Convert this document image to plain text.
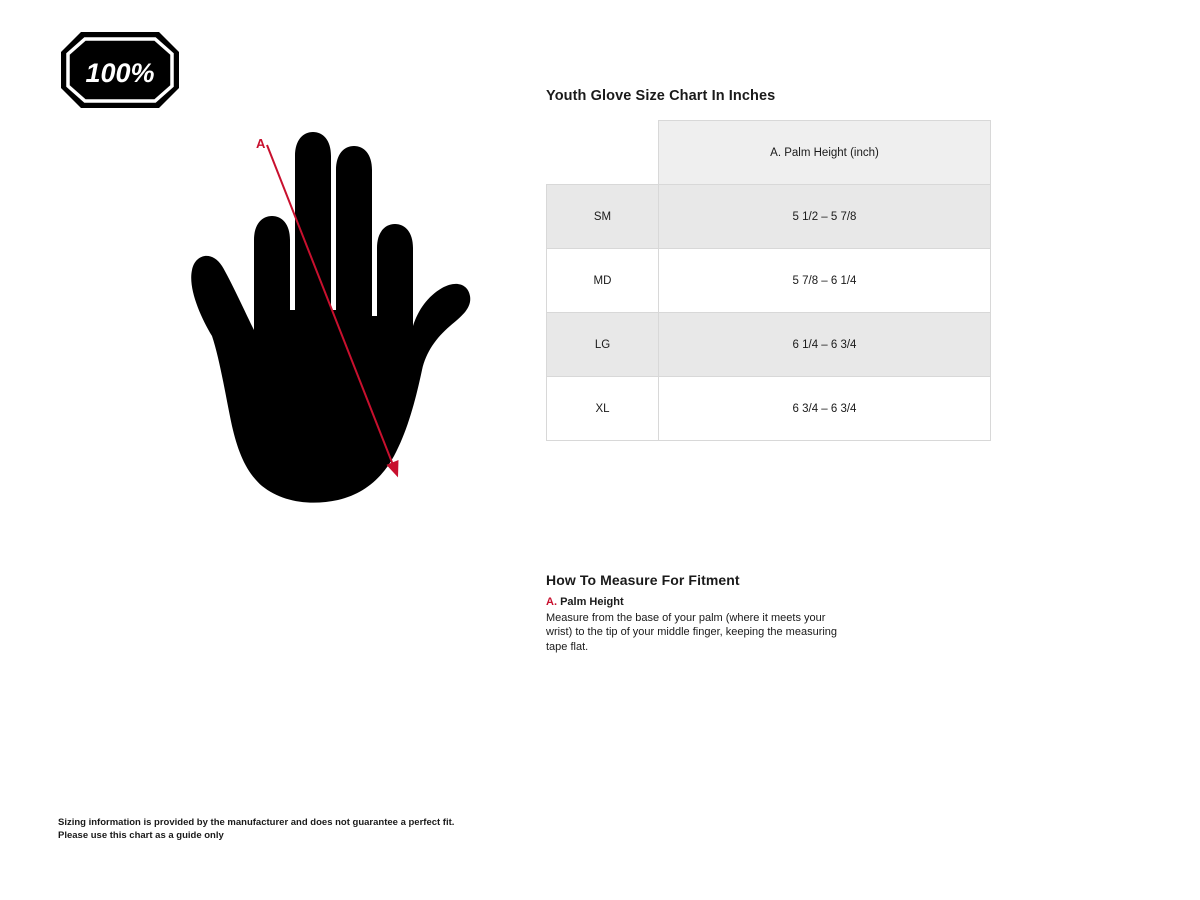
100%
A
Youth Glove Size Chart In Inches
	A. Palm Height (inch)
SM	5 1/2 – 5 7/8
MD	5 7/8 – 6 1/4
LG	6 1/4 – 6 3/4
XL	6 3/4 – 6 3/4
How To Measure For Fitment
A. Palm Height

Measure from the base of your palm (where it meets your wrist) to the tip of your middle finger, keeping the measuring tape flat.

Sizing information is provided by the manufacturer and does not guarantee a perfect fit.
Please use this chart as a guide only
